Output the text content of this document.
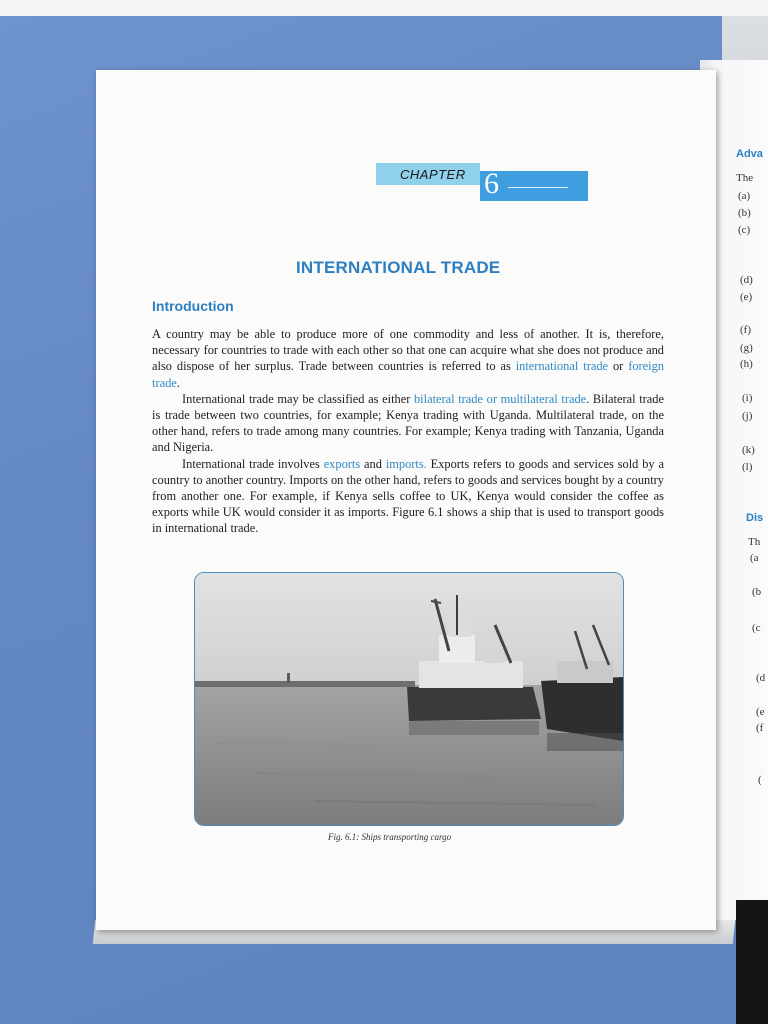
Adva
The
(a)
(b)
(c)
(d)
(e)
(f)
(g)
(h)
(i)
(j)
(k)
(l)
Dis
Th
(a
(b
(c
(d
(e
(f
(
CHAPTER 6
INTERNATIONAL TRADE
Introduction

A country may be able to produce more of one commodity and less of another. It is, therefore, necessary for countries to trade with each other so that one can acquire what she does not produce and also dispose of her surplus. Trade between countries is referred to as international trade or foreign trade.

International trade may be classified as either bilateral trade or multilateral trade. Bilateral trade is trade between two countries, for example; Kenya trading with Uganda. Multilateral trade, on the other hand, refers to trade among many countries. For example; Kenya trading with Tanzania, Uganda and Nigeria.

International trade involves exports and imports. Exports refers to goods and services sold by a country to another country. Imports on the other hand, refers to goods and services bought by a country from another one. For example, if Kenya sells coffee to UK, Kenya would consider the coffee as exports while UK would consider it as imports. Figure 6.1 shows a ship that is used to transport goods in international trade.

Fig. 6.1: Ships transporting cargo
